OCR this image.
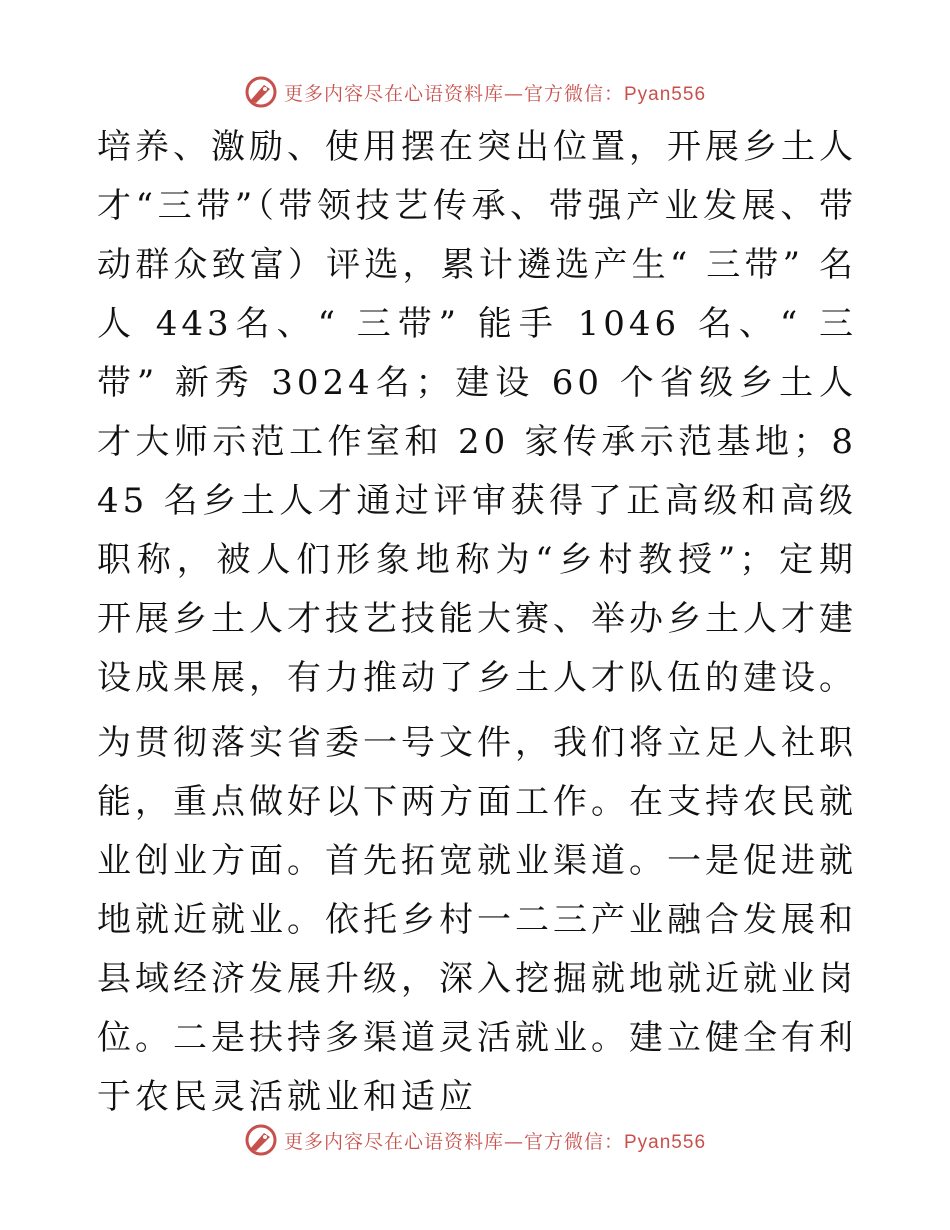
更多内容尽在心语资料库—官方微信：Pyan556

培养、激励、使用摆在突出位置，开展乡土人才“三带”（带领技艺传承、带强产业发展、带动群众致富）评选，累计遴选产生“ 三带” 名人 443名、“ 三带” 能手 1046 名、“ 三带” 新秀 3024名；建设 60 个省级乡土人才大师示范工作室和 20 家传承示范基地；845 名乡土人才通过评审获得了正高级和高级职称，被人们形象地称为“乡村教授”；定期开展乡土人才技艺技能大赛、举办乡土人才建设成果展，有力推动了乡土人才队伍的建设。

为贯彻落实省委一号文件，我们将立足人社职
能，重点做好以下两方面工作。在支持农民就业创业方面。首先拓宽就业渠道。一是促进就地就近就业。依托乡村一二三产业融合发展和县域经济发展升级，深入挖掘就地就近就业岗位。二是扶持多渠道灵活就业。建立健全有利于农民灵活就业和适应

更多内容尽在心语资料库—官方微信：Pyan556
